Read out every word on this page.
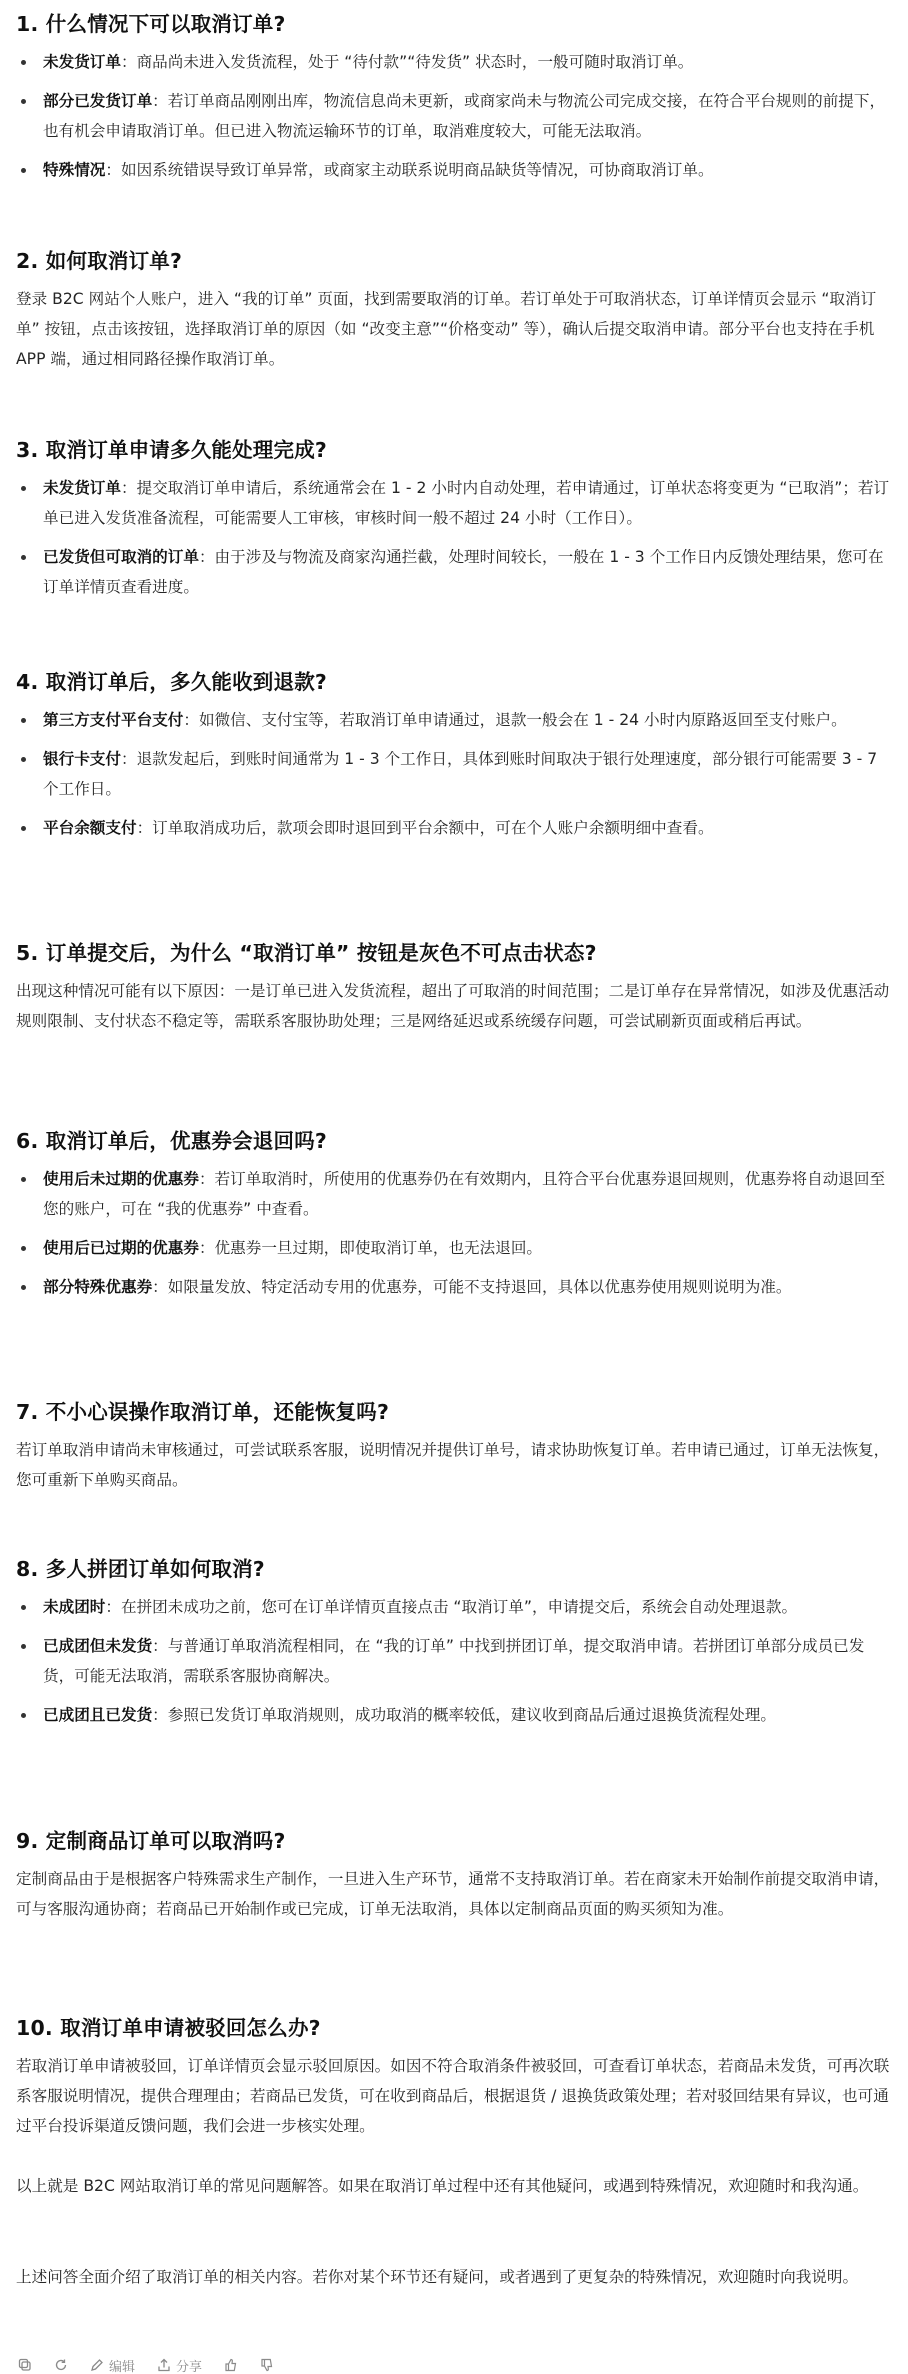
1. 什么情况下可以取消订单?
未发货订单：商品尚未进入发货流程，处于 “待付款”“待发货” 状态时，一般可随时取消订单。
部分已发货订单：若订单商品刚刚出库，物流信息尚未更新，或商家尚未与物流公司完成交接，在符合平台规则的前提下，也有机会申请取消订单。但已进入物流运输环节的订单，取消难度较大，可能无法取消。
特殊情况：如因系统错误导致订单异常，或商家主动联系说明商品缺货等情况，可协商取消订单。
2. 如何取消订单?

登录 B2C 网站个人账户，进入 “我的订单” 页面，找到需要取消的订单。若订单处于可取消状态，订单详情页会显示 “取消订单” 按钮，点击该按钮，选择取消订单的原因（如 “改变主意”“价格变动” 等），确认后提交取消申请。部分平台也支持在手机 APP 端，通过相同路径操作取消订单。

3. 取消订单申请多久能处理完成?
未发货订单：提交取消订单申请后，系统通常会在 1 - 2 小时内自动处理，若申请通过，订单状态将变更为 “已取消”；若订单已进入发货准备流程，可能需要人工审核，审核时间一般不超过 24 小时（工作日）。
已发货但可取消的订单：由于涉及与物流及商家沟通拦截，处理时间较长，一般在 1 - 3 个工作日内反馈处理结果，您可在订单详情页查看进度。
4. 取消订单后，多久能收到退款?
第三方支付平台支付：如微信、支付宝等，若取消订单申请通过，退款一般会在 1 - 24 小时内原路返回至支付账户。
银行卡支付：退款发起后，到账时间通常为 1 - 3 个工作日，具体到账时间取决于银行处理速度，部分银行可能需要 3 - 7 个工作日。
平台余额支付：订单取消成功后，款项会即时退回到平台余额中，可在个人账户余额明细中查看。
5. 订单提交后，为什么 “取消订单” 按钮是灰色不可点击状态?

出现这种情况可能有以下原因：一是订单已进入发货流程，超出了可取消的时间范围；二是订单存在异常情况，如涉及优惠活动规则限制、支付状态不稳定等，需联系客服协助处理；三是网络延迟或系统缓存问题，可尝试刷新页面或稍后再试。

6. 取消订单后，优惠券会退回吗?
使用后未过期的优惠券：若订单取消时，所使用的优惠券仍在有效期内，且符合平台优惠券退回规则，优惠券将自动退回至您的账户，可在 “我的优惠券” 中查看。
使用后已过期的优惠券：优惠券一旦过期，即使取消订单，也无法退回。
部分特殊优惠券：如限量发放、特定活动专用的优惠券，可能不支持退回，具体以优惠券使用规则说明为准。
7. 不小心误操作取消订单，还能恢复吗?

若订单取消申请尚未审核通过，可尝试联系客服，说明情况并提供订单号，请求协助恢复订单。若申请已通过，订单无法恢复，您可重新下单购买商品。

8. 多人拼团订单如何取消?
未成团时：在拼团未成功之前，您可在订单详情页直接点击 “取消订单”，申请提交后，系统会自动处理退款。
已成团但未发货：与普通订单取消流程相同，在 “我的订单” 中找到拼团订单，提交取消申请。若拼团订单部分成员已发货，可能无法取消，需联系客服协商解决。
已成团且已发货：参照已发货订单取消规则，成功取消的概率较低，建议收到商品后通过退换货流程处理。
9. 定制商品订单可以取消吗?

定制商品由于是根据客户特殊需求生产制作，一旦进入生产环节，通常不支持取消订单。若在商家未开始制作前提交取消申请，可与客服沟通协商；若商品已开始制作或已完成，订单无法取消，具体以定制商品页面的购买须知为准。

10. 取消订单申请被驳回怎么办?

若取消订单申请被驳回，订单详情页会显示驳回原因。如因不符合取消条件被驳回，可查看订单状态，若商品未发货，可再次联系客服说明情况，提供合理理由；若商品已发货，可在收到商品后，根据退货 / 退换货政策处理；若对驳回结果有异议，也可通过平台投诉渠道反馈问题，我们会进一步核实处理。

以上就是 B2C 网站取消订单的常见问题解答。如果在取消订单过程中还有其他疑问，或遇到特殊情况，欢迎随时和我沟通。

上述问答全面介绍了取消订单的相关内容。若你对某个环节还有疑问，或者遇到了更复杂的特殊情况，欢迎随时向我说明。

编辑	分享
